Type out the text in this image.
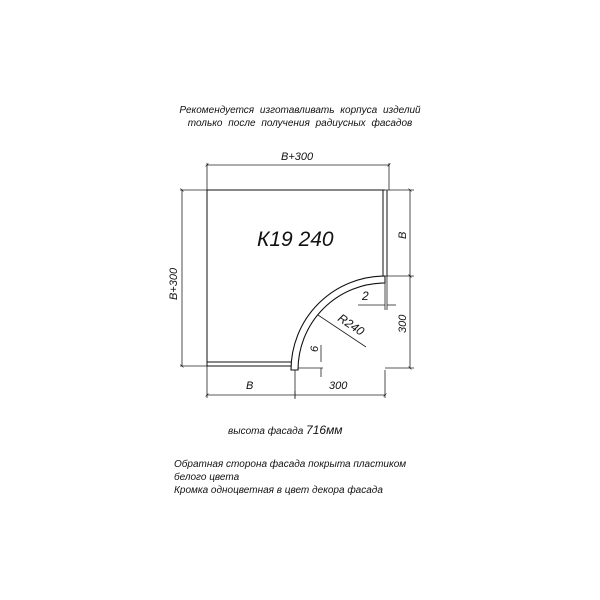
Рекомендуется изготавливать корпуса изделий
только после получения радиусных фасадов
2
R240
6
К19 240
В+300
В+300
В
300
В	300
высота фасада 716мм
Обратная сторона фасада покрыта пластиком
белого цвета
Кромка одноцветная в цвет декора фасада
